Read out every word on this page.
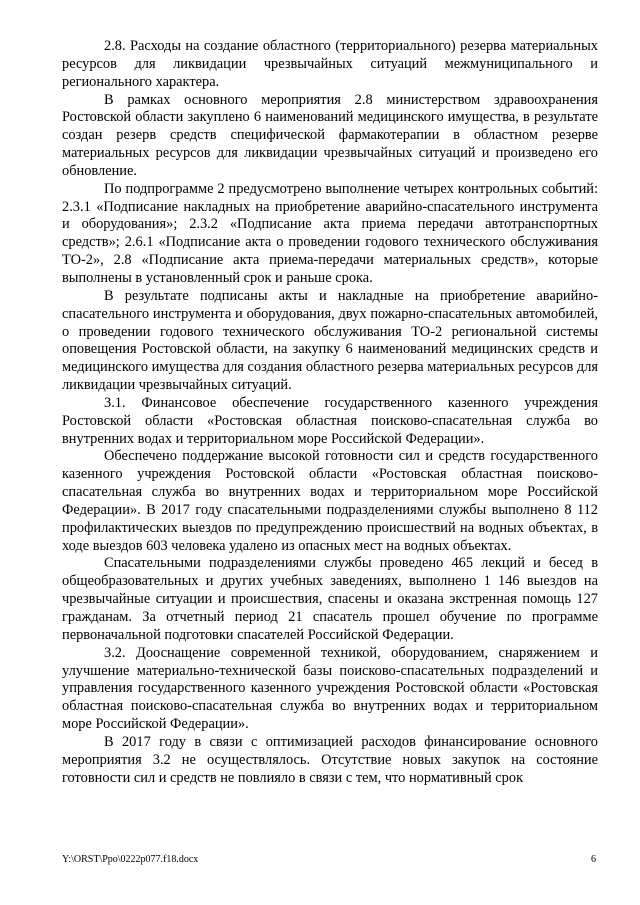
2.8. Расходы на создание областного (территориального) резерва материальных ресурсов для ликвидации чрезвычайных ситуаций межмуниципального и регионального характера.

В рамках основного мероприятия 2.8 министерством здравоохранения Ростовской области закуплено 6 наименований медицинского имущества, в результате создан резерв средств специфической фармакотерапии в областном резерве материальных ресурсов для ликвидации чрезвычайных ситуаций и произведено его обновление.

По подпрограмме 2 предусмотрено выполнение четырех контрольных событий: 2.3.1 «Подписание накладных на приобретение аварийно-спасательного инструмента и оборудования»; 2.3.2 «Подписание акта приема передачи автотранспортных средств»; 2.6.1 «Подписание акта о проведении годового технического обслуживания ТО-2», 2.8 «Подписание акта приема-передачи материальных средств», которые выполнены в установленный срок и раньше срока.

В результате подписаны акты и накладные на приобретение аварийно-спасательного инструмента и оборудования, двух пожарно-спасательных автомобилей, о проведении годового технического обслуживания ТО-2 региональной системы оповещения Ростовской области, на закупку 6 наименований медицинских средств и медицинского имущества для создания областного резерва материальных ресурсов для ликвидации чрезвычайных ситуаций.

3.1. Финансовое обеспечение государственного казенного учреждения Ростовской области «Ростовская областная поисково-спасательная служба во внутренних водах и территориальном море Российской Федерации».

Обеспечено поддержание высокой готовности сил и средств государственного казенного учреждения Ростовской области «Ростовская областная поисково-спасательная служба во внутренних водах и территориальном море Российской Федерации». В 2017 году спасательными подразделениями службы выполнено 8 112 профилактических выездов по предупреждению происшествий на водных объектах, в ходе выездов 603 человека удалено из опасных мест на водных объектах.

Спасательными подразделениями службы проведено 465 лекций и бесед в общеобразовательных и других учебных заведениях, выполнено 1 146 выездов на чрезвычайные ситуации и происшествия, спасены и оказана экстренная помощь 127 гражданам. За отчетный период 21 спасатель прошел обучение по программе первоначальной подготовки спасателей Российской Федерации.

3.2. Дооснащение современной техникой, оборудованием, снаряжением и улучшение материально-технической базы поисково-спасательных подразделений и управления государственного казенного учреждения Ростовской области «Ростовская областная поисково-спасательная служба во внутренних водах и территориальном море Российской Федерации».

В 2017 году в связи с оптимизацией расходов финансирование основного мероприятия 3.2 не осуществлялось. Отсутствие новых закупок на состояние готовности сил и средств не повлияло в связи с тем, что нормативный срок

Y:\ORST\Ppo\0222p077.f18.docx	6
